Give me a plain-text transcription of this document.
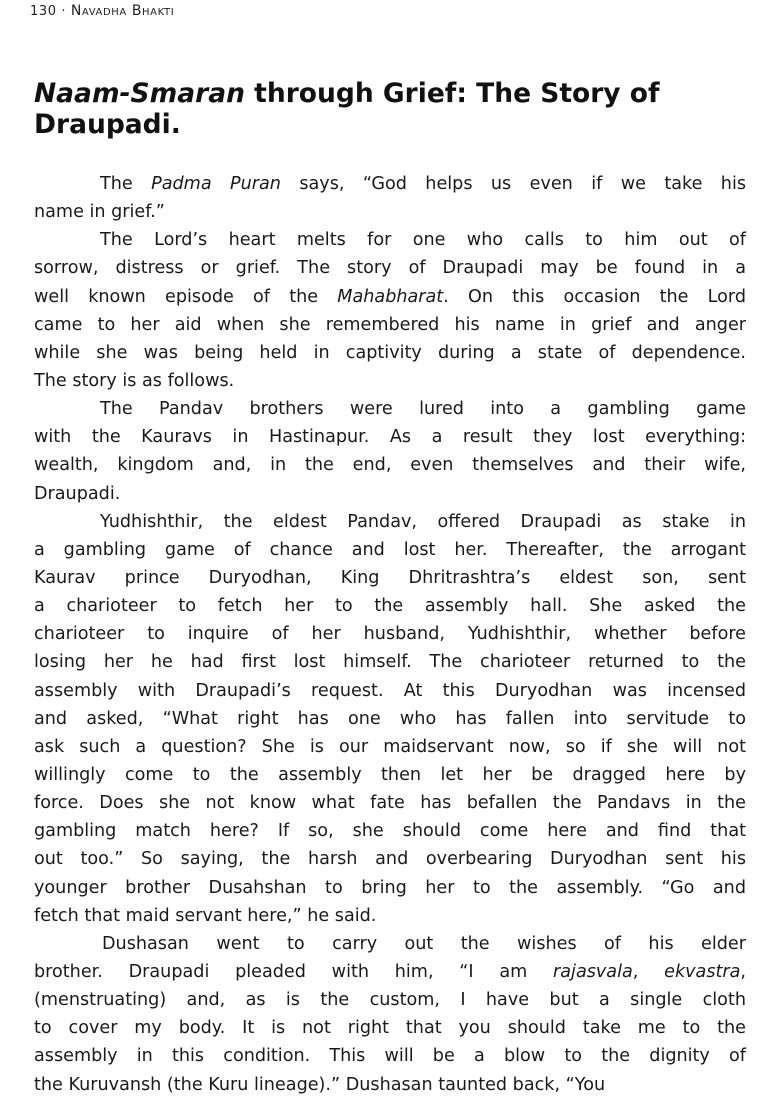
130 · Navadha Bhakti
Naam-Smaran through Grief: The Story of
Draupadi.
The Padma Puran says, “God helps us even if we take his
name in grief.”
The Lord’s heart melts for one who calls to him out of
sorrow, distress or grief. The story of Draupadi may be found in a
well known episode of the Mahabharat. On this occasion the Lord
came to her aid when she remembered his name in grief and anger
while she was being held in captivity during a state of dependence.
The story is as follows.
The Pandav brothers were lured into a gambling game
with the Kauravs in Hastinapur. As a result they lost everything:
wealth, kingdom and, in the end, even themselves and their wife,
Draupadi.
Yudhishthir, the eldest Pandav, offered Draupadi as stake in
a gambling game of chance and lost her. Thereafter, the arrogant
Kaurav prince Duryodhan, King Dhritrashtra’s eldest son, sent
a charioteer to fetch her to the assembly hall. She asked the
charioteer to inquire of her husband, Yudhishthir, whether before
losing her he had first lost himself. The charioteer returned to the
assembly with Draupadi’s request. At this Duryodhan was incensed
and asked, “What right has one who has fallen into servitude to
ask such a question? She is our maidservant now, so if she will not
willingly come to the assembly then let her be dragged here by
force. Does she not know what fate has befallen the Pandavs in the
gambling match here? If so, she should come here and find that
out too.” So saying, the harsh and overbearing Duryodhan sent his
younger brother Dusahshan to bring her to the assembly. “Go and
fetch that maid servant here,” he said.
Dushasan went to carry out the wishes of his elder
brother. Draupadi pleaded with him, “I am rajasvala, ekvastra,
(menstruating) and, as is the custom, I have but a single cloth
to cover my body. It is not right that you should take me to the
assembly in this condition. This will be a blow to the dignity of
the Kuruvansh (the Kuru lineage).” Dushasan taunted back, “You
